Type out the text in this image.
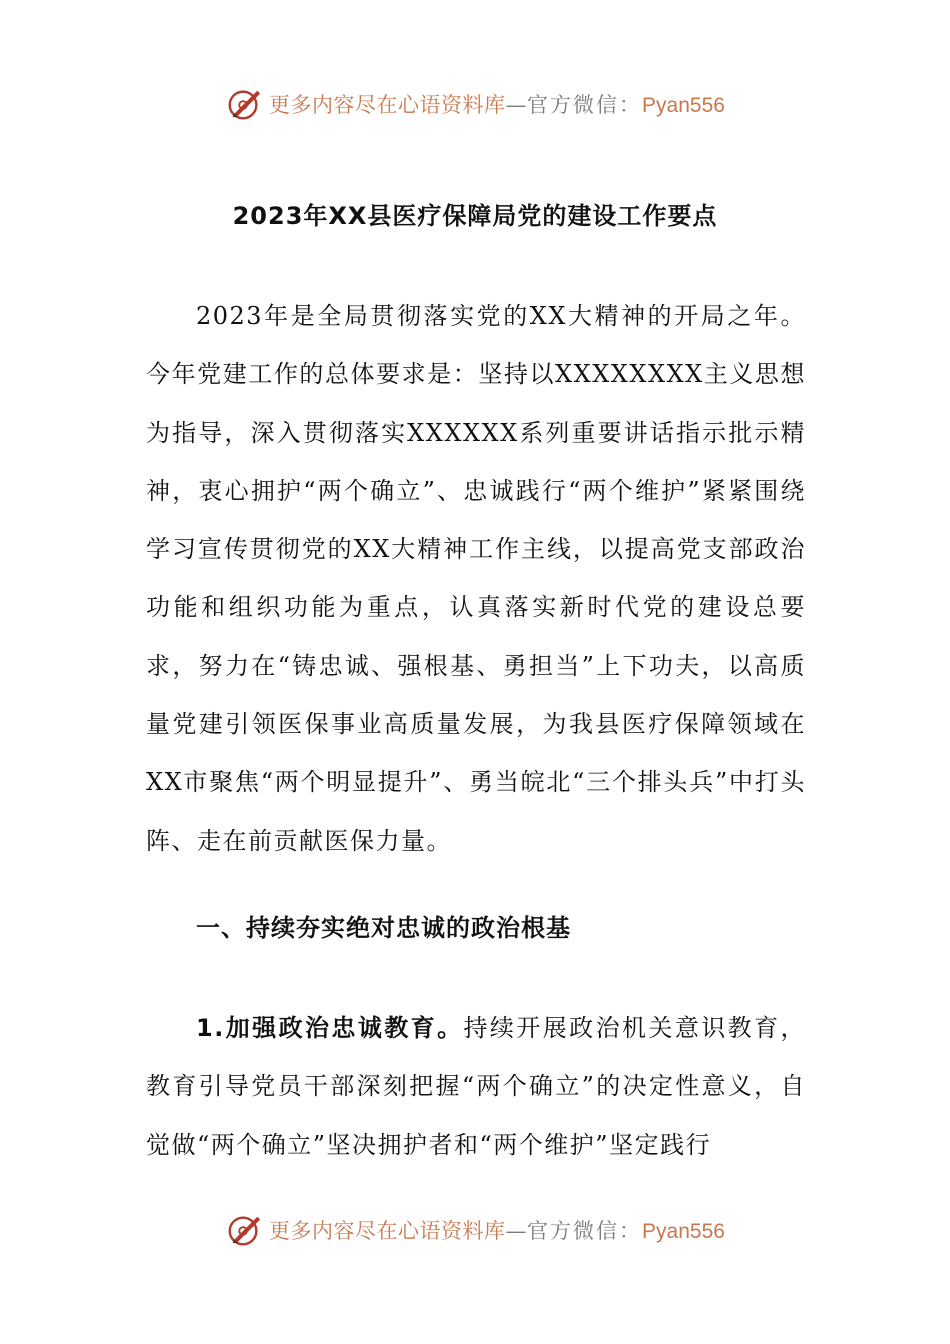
更多内容尽在心语资料库—官方微信：Pyan556
2023年XX县医疗保障局党的建设工作要点

2023年是全局贯彻落实党的XX大精神的开局之年。今年党建工作的总体要求是：坚持以XXXXXXXX主义思想为指导，深入贯彻落实XXXXXX系列重要讲话指示批示精神，衷心拥护“两个确立”、忠诚践行“两个维护”紧紧围绕学习宣传贯彻党的XX大精神工作主线，以提高党支部政治功能和组织功能为重点，认真落实新时代党的建设总要求，努力在“铸忠诚、强根基、勇担当”上下功夫，以高质量党建引领医保事业高质量发展，为我县医疗保障领域在XX市聚焦“两个明显提升”、勇当皖北“三个排头兵”中打头阵、走在前贡献医保力量。

一、持续夯实绝对忠诚的政治根基

1.加强政治忠诚教育。持续开展政治机关意识教育，教育引导党员干部深刻把握“两个确立”的决定性意义，自觉做“两个确立”坚决拥护者和“两个维护”坚定践行

更多内容尽在心语资料库—官方微信：Pyan556
